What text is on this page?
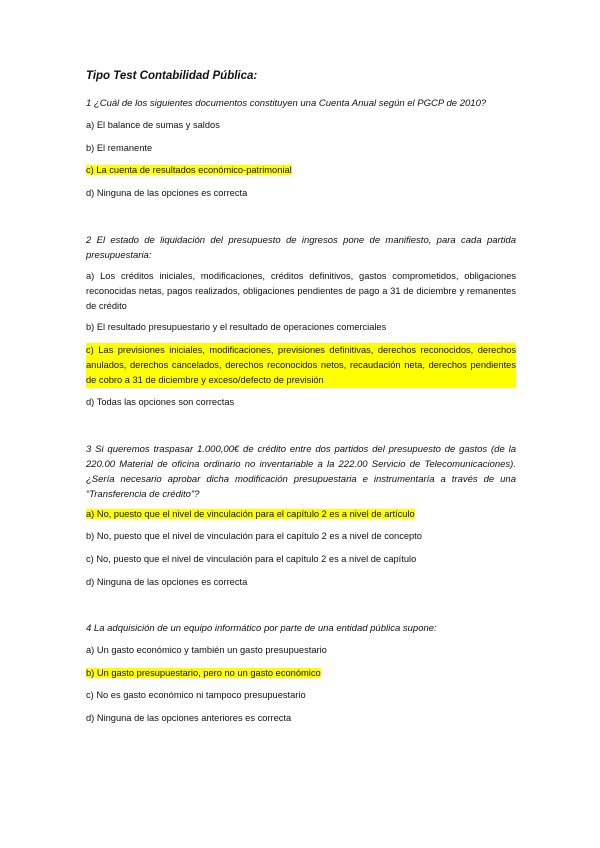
Tipo Test Contabilidad Pública:
1 ¿Cuál de los siguientes documentos constituyen una Cuenta Anual según el PGCP de 2010?
a) El balance de sumas y saldos
b) El remanente
c) La cuenta de resultados económico-patrimonial
d) Ninguna de las opciones es correcta
2 El estado de liquidación del presupuesto de ingresos pone de manifiesto, para cada partida presupuestaria:
a) Los créditos iniciales, modificaciones, créditos definitivos, gastos comprometidos, obligaciones reconocidas netas, pagos realizados, obligaciones pendientes de pago a 31 de diciembre y remanentes de crédito
b) El resultado presupuestario y el resultado de operaciones comerciales
c) Las previsiones iniciales, modificaciones, previsiones definitivas, derechos reconocidos, derechos anulados, derechos cancelados, derechos reconocidos netos, recaudación neta, derechos pendientes de cobro a 31 de diciembre y exceso/defecto de previsión
d) Todas las opciones son correctas
3 Si queremos traspasar 1.000,00€ de crédito entre dos partidos del presupuesto de gastos (de la 220.00 Material de oficina ordinario no inventariable a la 222.00 Servicio de Telecomunicaciones). ¿Sería necesario aprobar dicha modificación presupuestaria e instrumentaría a través de una “Transferencia de crédito”?
a) No, puesto que el nivel de vinculación para el capítulo 2 es a nivel de artículo
b) No, puesto que el nivel de vinculación para el capítulo 2 es a nivel de concepto
c) No, puesto que el nivel de vinculación para el capítulo 2 es a nivel de capítulo
d) Ninguna de las opciones es correcta
4 La adquisición de un equipo informático por parte de una entidad pública supone:
a) Un gasto económico y también un gasto presupuestario
b) Un gasto presupuestario, pero no un gasto económico
c) No es gasto económico ni tampoco presupuestario
d) Ninguna de las opciones anteriores es correcta
